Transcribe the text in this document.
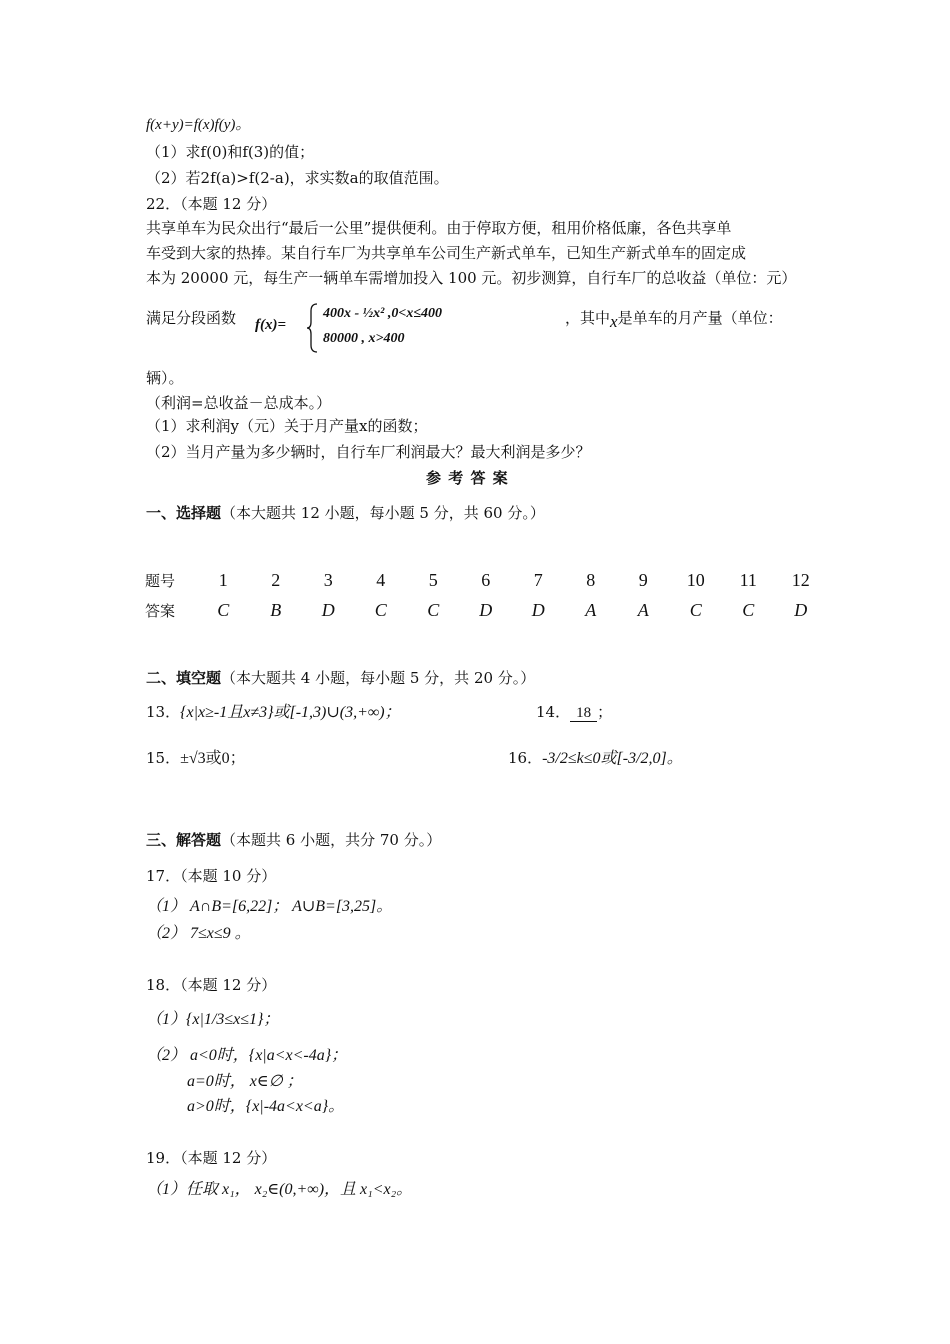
f(x+y)=f(x)f(y)。
（1）求f(0)和f(3)的值；
（2）若2f(a)>f(2-a)，求实数a的取值范围。
22．（本题 12 分）
共享单车为民众出行“最后一公里”提供便利。由于停取方便，租用价格低廉，各色共享单
车受到大家的热捧。某自行车厂为共享单车公司生产新式单车，已知生产新式单车的固定成
本为 20000 元，每生产一辆单车需增加投入 100 元。初步测算，自行车厂的总收益（单位：元）
满足分段函数 f(x)=
400x - ½x² ,0<x≤400
80000 , x>400
，其中x是单车的月产量（单位：
辆）。
（利润=总收益－总成本。）
（1）求利润y（元）关于月产量x的函数；
（2）当月产量为多少辆时，自行车厂利润最大？最大利润是多少？
参 考 答 案
一、选择题（本大题共 12 小题，每小题 5 分，共 60 分。）
题号	1	2	3	4	5	6	7	8	9	10	11	12
答案	C	B	D	C	C	D	D	A	A	C	C	D
二、填空题（本大题共 4 小题，每小题 5 分，共 20 分。）
13．{x|x≥-1且x≠3}或[-1,3)∪(3,+∞)；	14． 18 ；
15．±√3或0；	16．-3/2≤k≤0或[-3/2,0]。
三、解答题（本题共 6 小题，共分 70 分。）
17．（本题 10 分）
（1） A∩B=[6,22]； A∪B=[3,25]。
（2） 7≤x≤9 。
18．（本题 12 分）
（1）{x|1/3≤x≤1}；
（2） a<0时，{x|a<x<-4a}；
a=0时， x∈∅ ；
a>0时，{x|-4a<x<a}。
19．（本题 12 分）
（1）任取 x₁， x₂∈(0,+∞)，且 x₁<x₂。
